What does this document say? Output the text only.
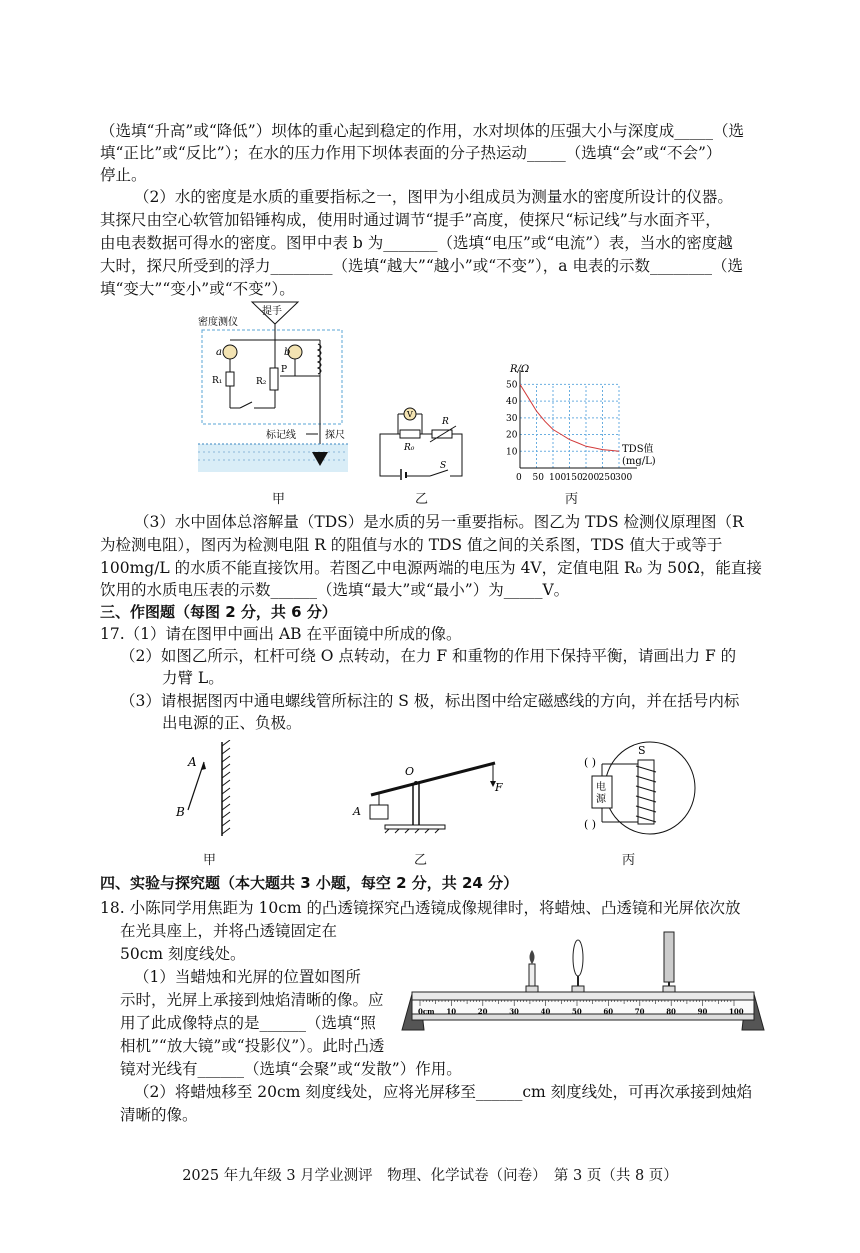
（选填“升高”或“降低”）坝体的重心起到稳定的作用，水对坝体的压强大小与深度成_____（选
填“正比”或“反比”）；在水的压力作用下坝体表面的分子热运动_____（选填“会”或“不会”）
停止。
（2）水的密度是水质的重要指标之一，图甲为小组成员为测量水的密度所设计的仪器。
其探尺由空心软管加铅锤构成，使用时通过调节“提手”高度，使探尺“标记线”与水面齐平，
由电表数据可得水的密度。图甲中表 b 为_______（选填“电压”或“电流”）表，当水的密度越
大时，探尺所受到的浮力________（选填“越大”“越小”或“不变”），a 电表的示数________（选
填“变大”“变小”或“不变”）。
提手
密度测仪
a	b
R₁	R₂
P
标记线	探尺
甲
V
R₀
R
S
乙
R/Ω
TDS值
(mg/L)
0 50 100 150 200 250 300
10
20
30
40
50
丙
（3）水中固体总溶解量（TDS）是水质的另一重要指标。图乙为 TDS 检测仪原理图（R
为检测电阻），图丙为检测电阻 R 的阻值与水的 TDS 值之间的关系图，TDS 值大于或等于
100mg/L 的水质不能直接饮用。若图乙中电源两端的电压为 4V，定值电阻 R₀ 为 50Ω，能直接
饮用的水质电压表的示数______（选填“最大”或“最小”）为_____V。
三、作图题（每图 2 分，共 6 分）
17.（1）请在图甲中画出 AB 在平面镜中所成的像。
（2）如图乙所示，杠杆可绕 O 点转动，在力 F 和重物的作用下保持平衡，请画出力 F 的
力臂 L。
（3）请根据图丙中通电螺线管所标注的 S 极，标出图中给定磁感线的方向，并在括号内标
出电源的正、负极。
A
B
甲
O
A
F
乙
( )
( )
电
源
S
丙
四、实验与探究题（本大题共 3 小题，每空 2 分，共 24 分）
18. 小陈同学用焦距为 10cm 的凸透镜探究凸透镜成像规律时，将蜡烛、凸透镜和光屏依次放
在光具座上，并将凸透镜固定在
50cm 刻度线处。
（1）当蜡烛和光屏的位置如图所
示时，光屏上承接到烛焰清晰的像。应
用了此成像特点的是______（选填“照
相机”“放大镜”或“投影仪”）。此时凸透
镜对光线有______（选填“会聚”或“发散”）作用。
（2）将蜡烛移至 20cm 刻度线处，应将光屏移至______cm 刻度线处，可再次承接到烛焰
清晰的像。
0cm 10	20	30	40	50	60	70	80	90	100
2025 年九年级 3 月学业测评　物理、化学试卷（问卷）　第 3 页（共 8 页）
